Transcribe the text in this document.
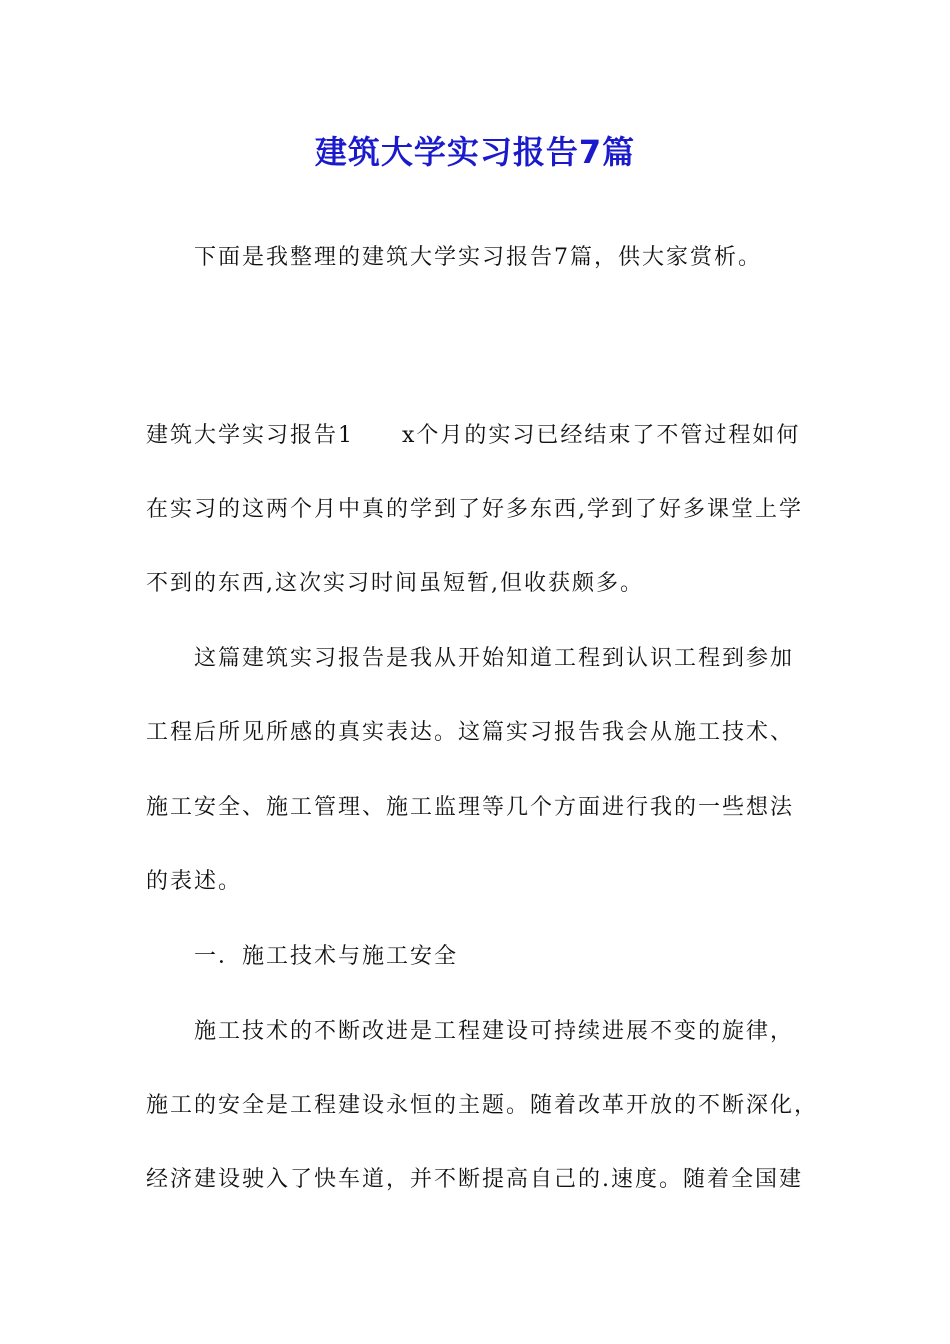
建筑大学实习报告7篇
下面是我整理的建筑大学实习报告7篇，供大家赏析。
建筑大学实习报告1　　x个月的实习已经结束了不管过程如何
在实习的这两个月中真的学到了好多东西,学到了好多课堂上学
不到的东西,这次实习时间虽短暂,但收获颇多。
这篇建筑实习报告是我从开始知道工程到认识工程到参加
工程后所见所感的真实表达。这篇实习报告我会从施工技术、
施工安全、施工管理、施工监理等几个方面进行我的一些想法
的表述。
一．施工技术与施工安全
施工技术的不断改进是工程建设可持续进展不变的旋律，
施工的安全是工程建设永恒的主题。随着改革开放的不断深化，
经济建设驶入了快车道，并不断提高自己的.速度。随着全国建
